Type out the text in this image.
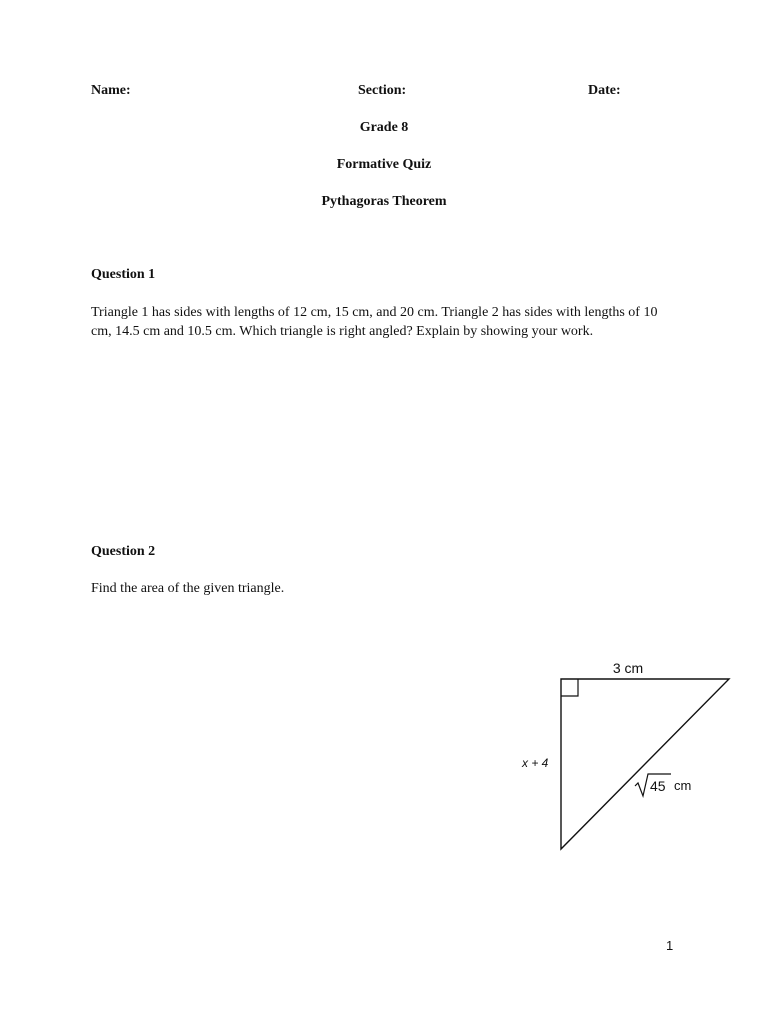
Name:	Section:	Date:
Grade 8
Formative Quiz
Pythagoras Theorem
Question 1
Triangle 1 has sides with lengths of 12 cm, 15 cm, and 20 cm. Triangle 2 has sides with lengths of 10 cm, 14.5 cm and 10.5 cm. Which triangle is right angled? Explain by showing your work.
Question 2
Find the area of the given triangle.
3 cm
x + 4
45 cm
1
